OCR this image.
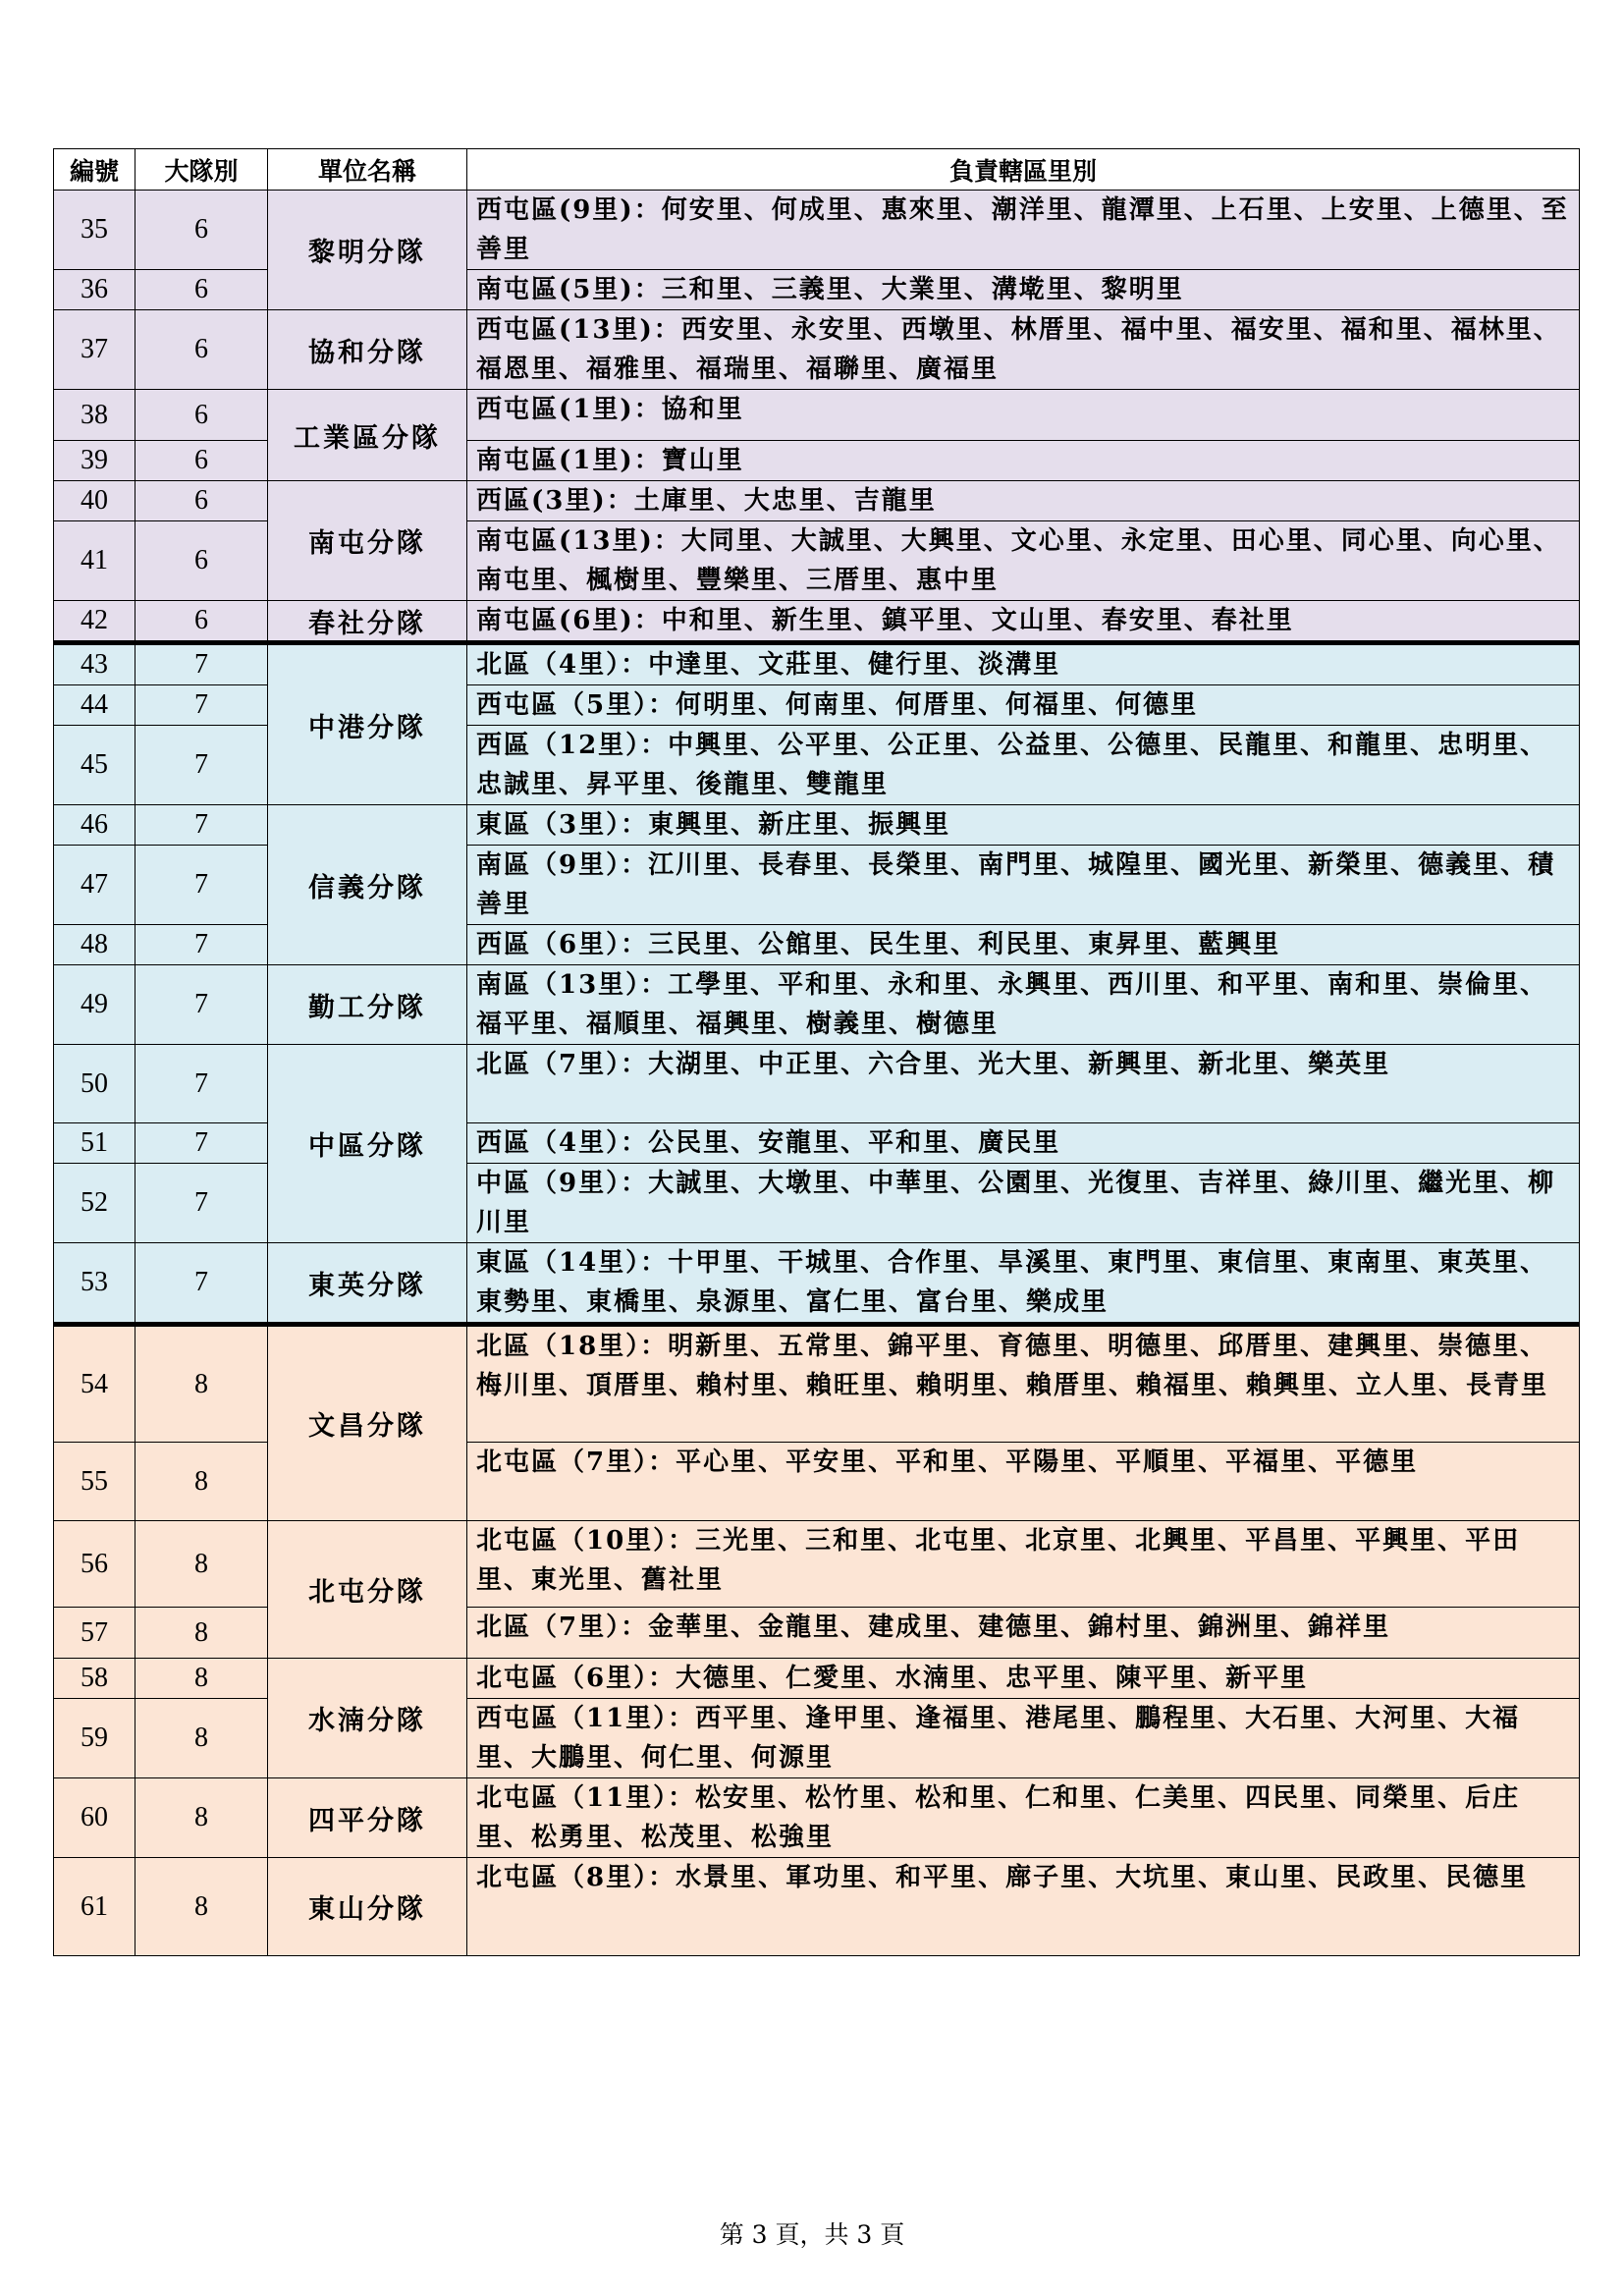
編號	大隊別	單位名稱	負責轄區里別
35	6	黎明分隊	西屯區(9里)：何安里、何成里、惠來里、潮洋里、龍潭里、上石里、上安里、上德里、至善里
36	6		南屯區(5里)：三和里、三義里、大業里、溝墘里、黎明里
37	6	協和分隊	西屯區(13里)：西安里、永安里、西墩里、林厝里、福中里、福安里、福和里、福林里、福恩里、福雅里、福瑞里、福聯里、廣福里
38	6	工業區分隊	西屯區(1里)：協和里
39	6		南屯區(1里)：寶山里
40	6	南屯分隊	西區(3里)：土庫里、大忠里、吉龍里
41	6		南屯區(13里)：大同里、大誠里、大興里、文心里、永定里、田心里、同心里、向心里、南屯里、楓樹里、豐樂里、三厝里、惠中里
42	6	春社分隊	南屯區(6里)：中和里、新生里、鎮平里、文山里、春安里、春社里
43	7	中港分隊	北區（4里）：中達里、文莊里、健行里、淡溝里
44	7		西屯區（5里）：何明里、何南里、何厝里、何福里、何德里
45	7		西區（12里）：中興里、公平里、公正里、公益里、公德里、民龍里、和龍里、忠明里、忠誠里、昇平里、後龍里、雙龍里
46	7	信義分隊	東區（3里）：東興里、新庄里、振興里
47	7		南區（9里）：江川里、長春里、長榮里、南門里、城隍里、國光里、新榮里、德義里、積善里
48	7		西區（6里）：三民里、公館里、民生里、利民里、東昇里、藍興里
49	7	勤工分隊	南區（13里）：工學里、平和里、永和里、永興里、西川里、和平里、南和里、崇倫里、福平里、福順里、福興里、樹義里、樹德里
50	7	中區分隊	北區（7里）：大湖里、中正里、六合里、光大里、新興里、新北里、樂英里
51	7		西區（4里）：公民里、安龍里、平和里、廣民里
52	7		中區（9里）：大誠里、大墩里、中華里、公園里、光復里、吉祥里、綠川里、繼光里、柳川里
53	7	東英分隊	東區（14里）：十甲里、干城里、合作里、旱溪里、東門里、東信里、東南里、東英里、東勢里、東橋里、泉源里、富仁里、富台里、樂成里
54	8	文昌分隊	北區（18里）：明新里、五常里、錦平里、育德里、明德里、邱厝里、建興里、崇德里、梅川里、頂厝里、賴村里、賴旺里、賴明里、賴厝里、賴福里、賴興里、立人里、長青里
55	8		北屯區（7里）：平心里、平安里、平和里、平陽里、平順里、平福里、平德里
56	8	北屯分隊	北屯區（10里）：三光里、三和里、北屯里、北京里、北興里、平昌里、平興里、平田里、東光里、舊社里
57	8		北區（7里）：金華里、金龍里、建成里、建德里、錦村里、錦洲里、錦祥里
58	8	水湳分隊	北屯區（6里）：大德里、仁愛里、水湳里、忠平里、陳平里、新平里
59	8		西屯區（11里）：西平里、逢甲里、逢福里、港尾里、鵬程里、大石里、大河里、大福里、大鵬里、何仁里、何源里
60	8	四平分隊	北屯區（11里）：松安里、松竹里、松和里、仁和里、仁美里、四民里、同榮里、后庄里、松勇里、松茂里、松強里
61	8	東山分隊	北屯區（8里）：水景里、軍功里、和平里、廍子里、大坑里、東山里、民政里、民德里
第 3 頁，共 3 頁
